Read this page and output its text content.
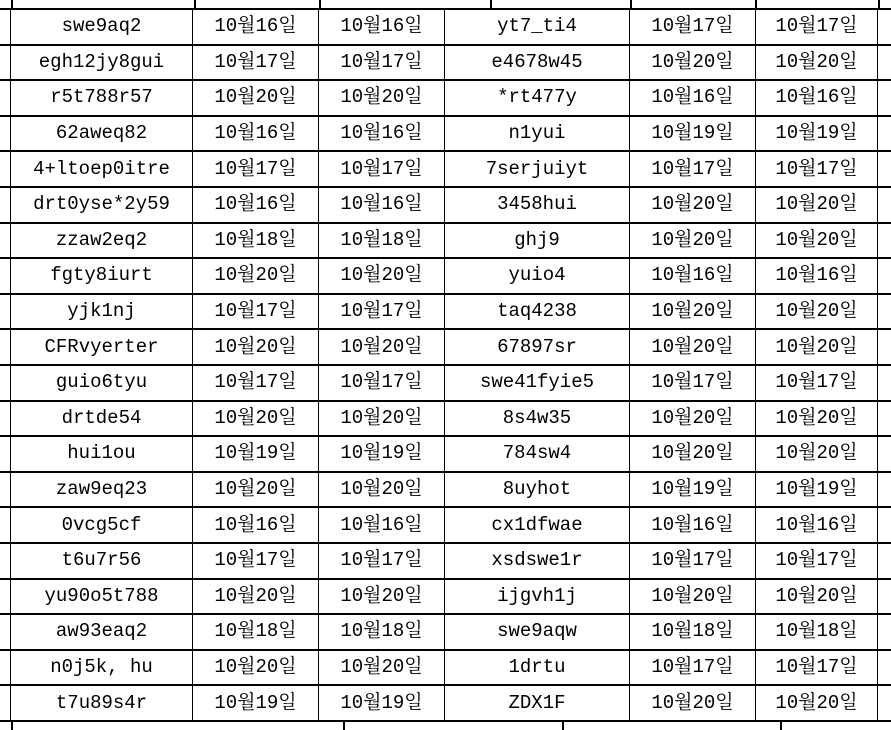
swe9aq2	10월16일	10월16일	yt7_ti4	10월17일	10월17일
egh12jy8gui	10월17일	10월17일	e4678w45	10월20일	10월20일
r5t788r57	10월20일	10월20일	*rt477y	10월16일	10월16일
62aweq82	10월16일	10월16일	n1yui	10월19일	10월19일
4+ltoep0itre	10월17일	10월17일	7serjuiyt	10월17일	10월17일
drt0yse*2y59	10월16일	10월16일	3458hui	10월20일	10월20일
zzaw2eq2	10월18일	10월18일	ghj9	10월20일	10월20일
fgty8iurt	10월20일	10월20일	yuio4	10월16일	10월16일
yjk1nj	10월17일	10월17일	taq4238	10월20일	10월20일
CFRvyerter	10월20일	10월20일	67897sr	10월20일	10월20일
guio6tyu	10월17일	10월17일	swe41fyie5	10월17일	10월17일
drtde54	10월20일	10월20일	8s4w35	10월20일	10월20일
hui1ou	10월19일	10월19일	784sw4	10월20일	10월20일
zaw9eq23	10월20일	10월20일	8uyhot	10월19일	10월19일
0vcg5cf	10월16일	10월16일	cx1dfwae	10월16일	10월16일
t6u7r56	10월17일	10월17일	xsdswe1r	10월17일	10월17일
yu90o5t788	10월20일	10월20일	ijgvh1j	10월20일	10월20일
aw93eaq2	10월18일	10월18일	swe9aqw	10월18일	10월18일
n0j5k, hu	10월20일	10월20일	1drtu	10월17일	10월17일
t7u89s4r	10월19일	10월19일	ZDX1F	10월20일	10월20일
